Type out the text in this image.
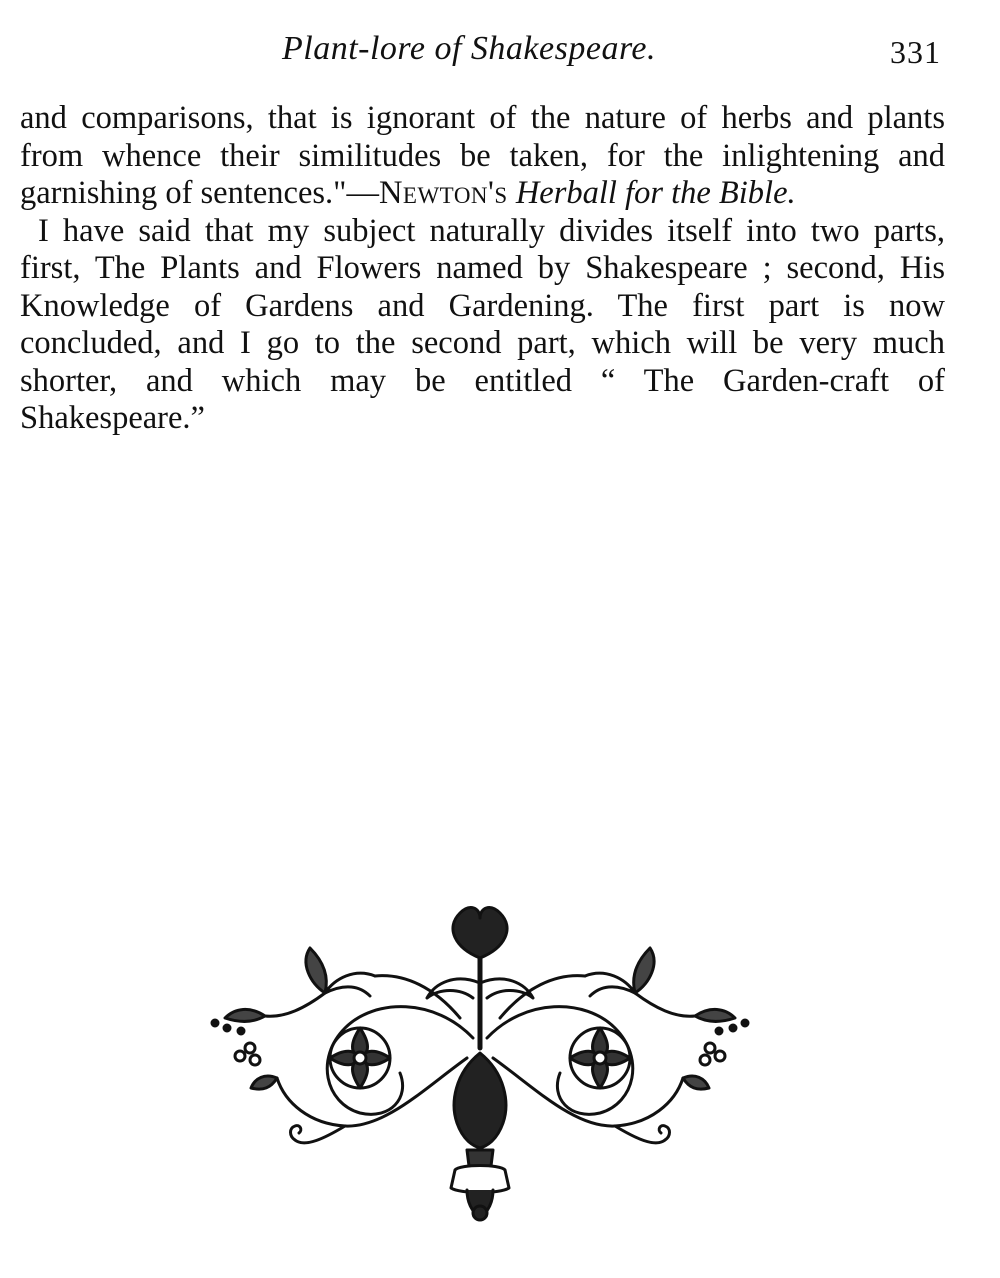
Plant-lore of Shakespeare.	331

and comparisons, that is ignorant of the nature of herbs and plants from whence their similitudes be taken, for the inlightening and garnishing of sentences."—Newton's Herball for the Bible.

I have said that my subject naturally divides itself into two parts, first, The Plants and Flowers named by Shakespeare ; second, His Knowledge of Gardens and Gardening. The first part is now concluded, and I go to the second part, which will be very much shorter, and which may be entitled “ The Garden-craft of Shakespeare.”
